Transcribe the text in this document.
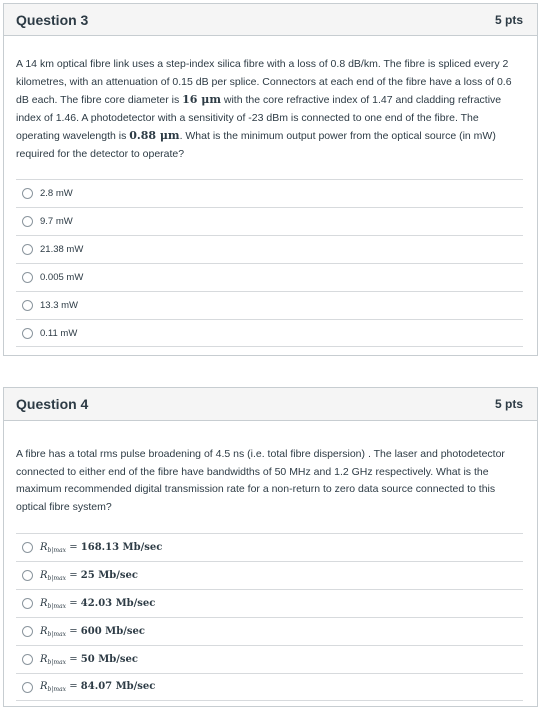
Question 3	5 pts
A 14 km optical fibre link uses a step-index silica fibre with a loss of 0.8 dB/km. The fibre is spliced every 2 kilometres, with an attenuation of 0.15 dB per splice. Connectors at each end of the fibre have a loss of 0.6 dB each. The fibre core diameter is 16 μm with the core refractive index of 1.47 and cladding refractive index of 1.46. A photodetector with a sensitivity of -23 dBm is connected to one end of the fibre. The operating wavelength is 0.88 μm. What is the minimum output power from the optical source (in mW) required for the detector to operate?
2.8 mW
9.7 mW
21.38 mW
0.005 mW
13.3 mW
0.11 mW
Question 4	5 pts
A fibre has a total rms pulse broadening of 4.5 ns (i.e. total fibre dispersion) . The laser and photodetector connected to either end of the fibre have bandwidths of 50 MHz and 1.2 GHz respectively. What is the maximum recommended digital transmission rate for a non-return to zero data source connected to this optical fibre system?
$R_{b|max} = 168.13$ Mb/sec
$R_{b|max} = 25$ Mb/sec
$R_{b|max} = 42.03$ Mb/sec
$R_{b|max} = 600$ Mb/sec
$R_{b|max} = 50$ Mb/sec
$R_{b|max} = 84.07$ Mb/sec
